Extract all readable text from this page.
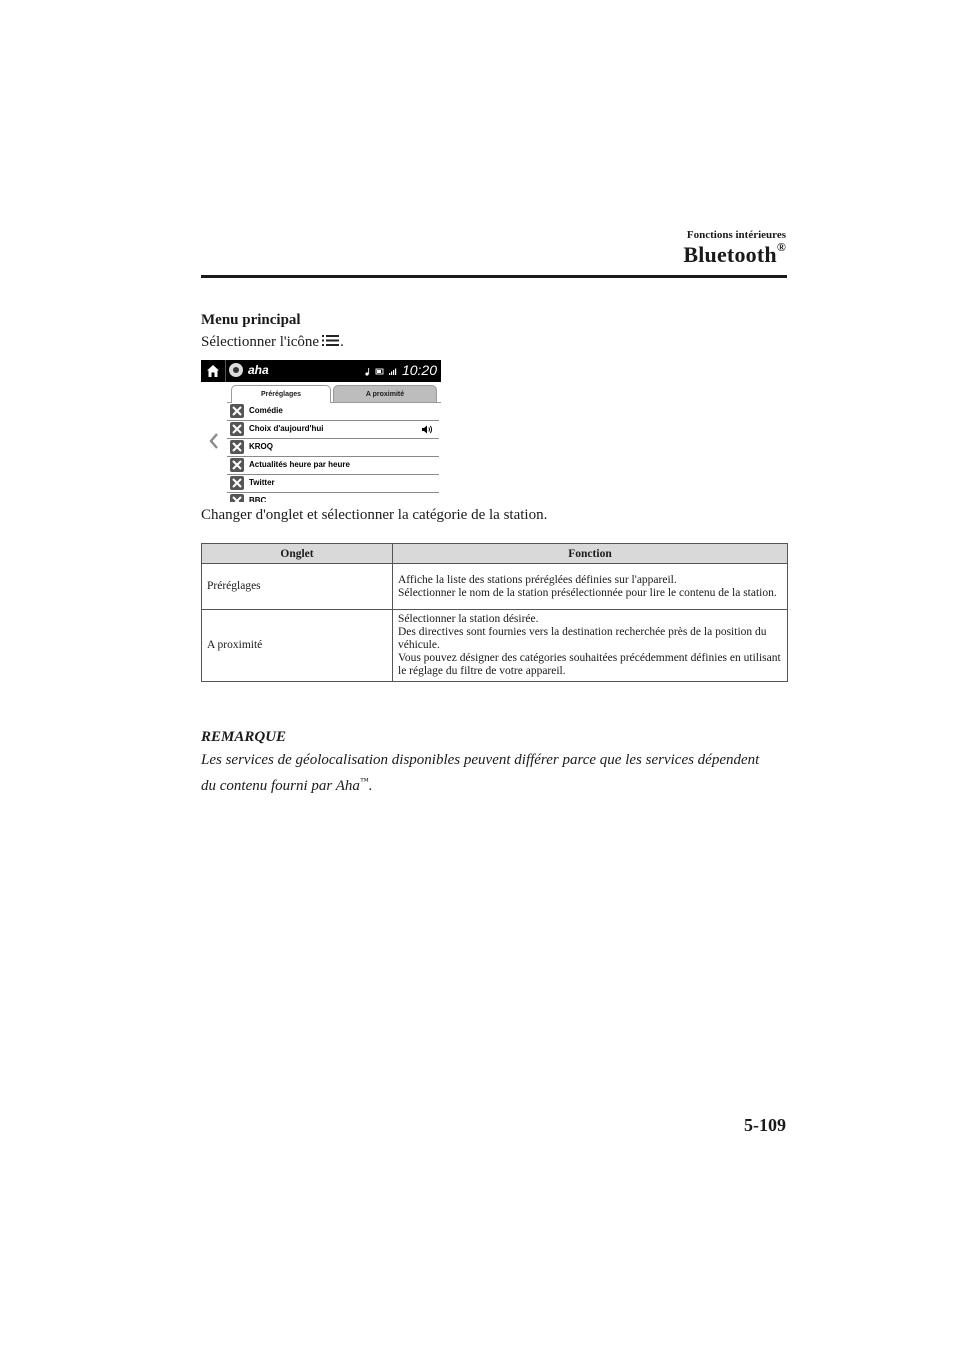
Fonctions intérieures
Bluetooth®
Menu principal
Sélectionner l'icône .
aha	10:20
Préréglages	A proximité
Comédie
Choix d'aujourd'hui
KROQ
Actualités heure par heure
Twitter
BBC
Changer d'onglet et sélectionner la catégorie de la station.
Onglet	Fonction
Préréglages	Affiche la liste des stations préréglées définies sur l'appareil.
Sélectionner le nom de la station présélectionnée pour lire le contenu de la station.

A proximité	Sélectionner la station désirée.
Des directives sont fournies vers la destination recherchée près de la position du véhicule.
Vous pouvez désigner des catégories souhaitées précédemment définies en utilisant le réglage du filtre de votre appareil.
REMARQUE
Les services de géolocalisation disponibles peuvent différer parce que les services dépendent du contenu fourni par Aha™.
5-109
